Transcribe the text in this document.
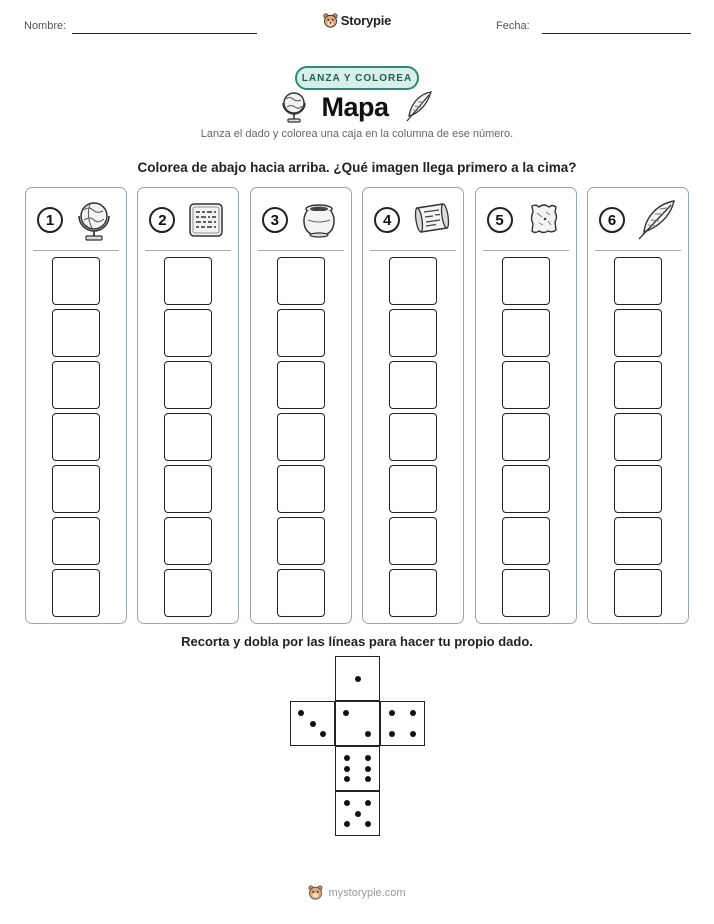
Nombre:	Fecha:
Storypie
LANZA Y COLOREA
Mapa
Lanza el dado y colorea una caja en la columna de ese número.
Colorea de abajo hacia arriba. ¿Qué imagen llega primero a la cima?
1	2	3	4	5	6
Recorta y dobla por las líneas para hacer tu propio dado.
mystorypie.com
